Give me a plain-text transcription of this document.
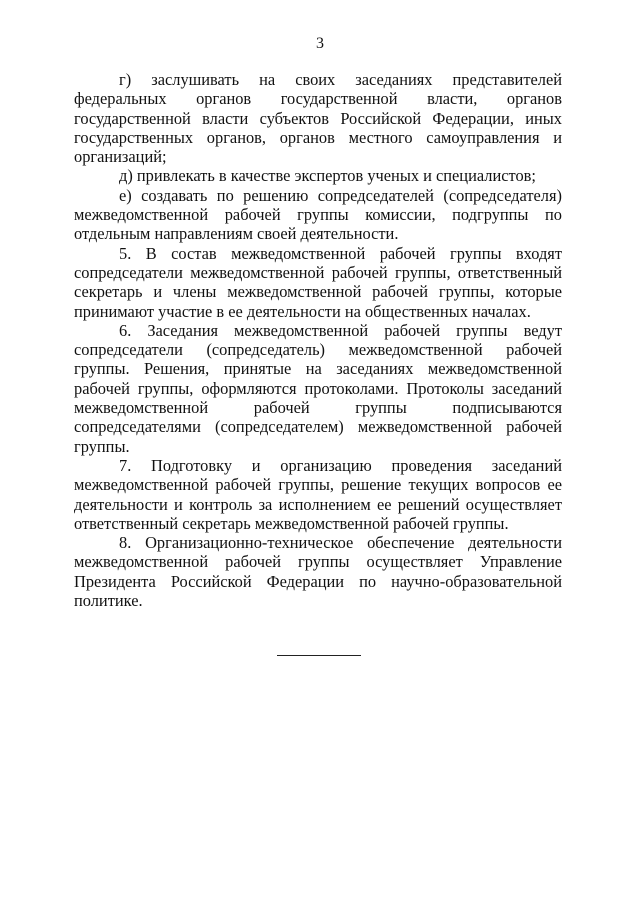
3

г) заслушивать на своих заседаниях представителей федеральных органов государственной власти, органов государственной власти субъектов Российской Федерации, иных государственных органов, органов местного самоуправления и организаций;

д) привлекать в качестве экспертов ученых и специалистов;

е) создавать по решению сопредседателей (сопредседателя) межведомственной рабочей группы комиссии, подгруппы по отдельным направлениям своей деятельности.

5. В состав межведомственной рабочей группы входят сопредседатели межведомственной рабочей группы, ответственный секретарь и члены межведомственной рабочей группы, которые принимают участие в ее деятельности на общественных началах.

6. Заседания межведомственной рабочей группы ведут сопредседатели (сопредседатель) межведомственной рабочей группы. Решения, принятые на заседаниях межведомственной рабочей группы, оформляются протоколами. Протоколы заседаний межведомственной рабочей группы подписываются сопредседателями (сопредседателем) межведомственной рабочей группы.

7. Подготовку и организацию проведения заседаний межведомственной рабочей группы, решение текущих вопросов ее деятельности и контроль за исполнением ее решений осуществляет ответственный секретарь межведомственной рабочей группы.

8. Организационно-техническое обеспечение деятельности межведомственной рабочей группы осуществляет Управление Президента Российской Федерации по научно-образовательной политике.
